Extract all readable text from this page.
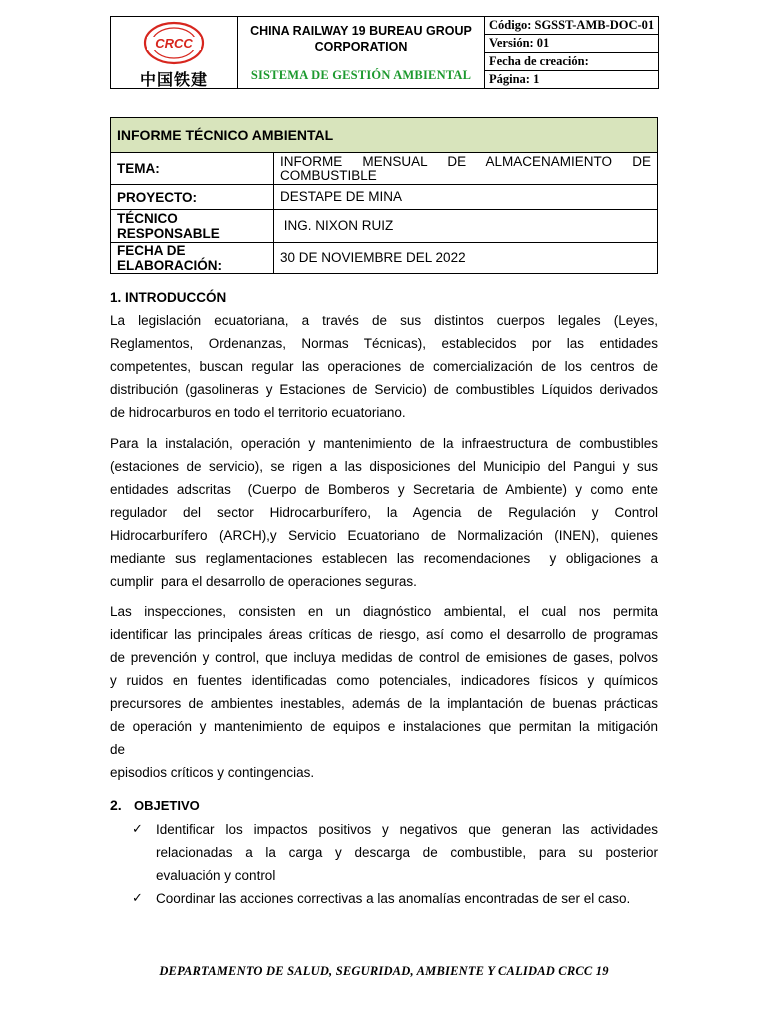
CRCC
中国铁建
CHINA RAILWAY 19 BUREAU GROUP
CORPORATION
SISTEMA DE GESTIÓN AMBIENTAL
Código: SGSST-AMB-DOC-01
Versión: 01
Fecha de creación:
Página: 1
INFORME TÉCNICO AMBIENTAL	
TEMA:	INFORME MENSUAL DE ALMACENAMIENTO DE
COMBUSTIBLE

PROYECTO:	DESTAPE DE MINA

TÉCNICO
RESPONSABLE	ING. NIXON RUIZ

FECHA DE
ELABORACIÓN:	30 DE NOVIEMBRE DEL 2022
1. INTRODUCCÓN
La legislación ecuatoriana, a través de sus distintos cuerpos legales (Leyes,
Reglamentos, Ordenanzas, Normas Técnicas), establecidos por las entidades
competentes, buscan regular las operaciones de comercialización de los centros de
distribución (gasolineras y Estaciones de Servicio) de combustibles Líquidos derivados
de hidrocarburos en todo el territorio ecuatoriano.
Para la instalación, operación y mantenimiento de la infraestructura de combustibles
(estaciones de servicio), se rigen a las disposiciones del Municipio del Pangui y sus
entidades adscritas  (Cuerpo de Bomberos y Secretaria de Ambiente) y como ente
regulador del sector Hidrocarburífero, la Agencia de Regulación y Control
Hidrocarburífero (ARCH),y Servicio Ecuatoriano de Normalización (INEN), quienes
mediante sus reglamentaciones establecen las recomendaciones  y obligaciones a
cumplir  para el desarrollo de operaciones seguras.
Las inspecciones, consisten en un diagnóstico ambiental, el cual nos permita
identificar las principales áreas críticas de riesgo, así como el desarrollo de programas
de prevención y control, que incluya medidas de control de emisiones de gases, polvos
y ruidos en fuentes identificadas como potenciales, indicadores físicos y químicos
precursores de ambientes inestables, además de la implantación de buenas prácticas
de operación y mantenimiento de equipos e instalaciones que permitan la mitigación
de
episodios críticos y contingencias.
2. OBJETIVO
✓ Identificar los impactos positivos y negativos que generan las actividades
relacionadas a la carga y descarga de combustible, para su posterior
evaluación y control
✓ Coordinar las acciones correctivas a las anomalías encontradas de ser el caso.
DEPARTAMENTO DE SALUD, SEGURIDAD, AMBIENTE Y CALIDAD CRCC 19
